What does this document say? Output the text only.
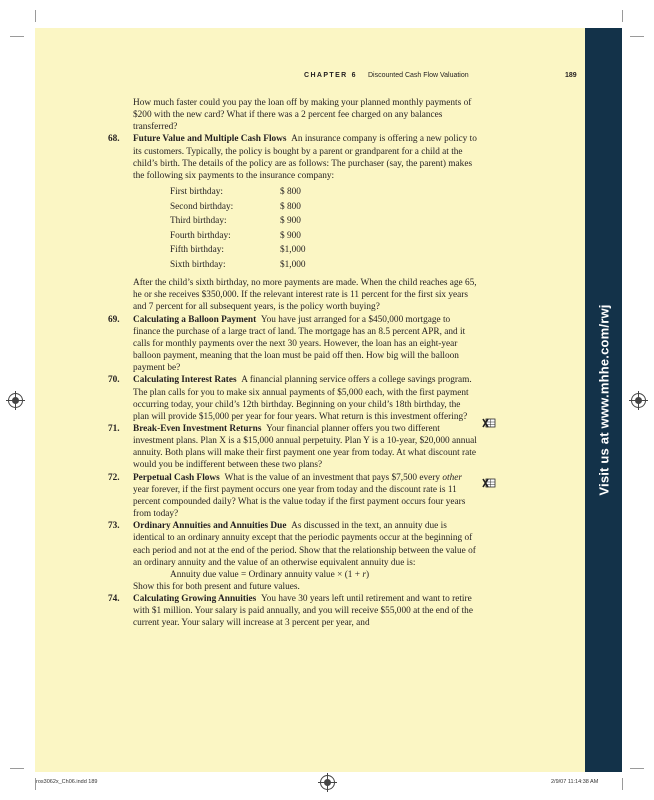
Visit us at www.mhhe.com/rwj
CHAPTER 6 Discounted Cash Flow Valuation	189

How much faster could you pay the loan off by making your planned monthly payments of $200 with the new card? What if there was a 2 percent fee charged on any balances transferred?

68. Future Value and Multiple Cash Flows An insurance company is offering a new policy to its customers. Typically, the policy is bought by a parent or grandparent for a child at the child’s birth. The details of the policy are as follows: The purchaser (say, the parent) makes the following six payments to the insurance company:

First birthday:	$ 800
Second birthday:	$ 800
Third birthday:	$ 900
Fourth birthday:	$ 900
Fifth birthday:	$1,000
Sixth birthday:	$1,000

After the child’s sixth birthday, no more payments are made. When the child reaches age 65, he or she receives $350,000. If the relevant interest rate is 11 percent for the first six years and 7 percent for all subsequent years, is the policy worth buying?

69. Calculating a Balloon Payment You have just arranged for a $450,000 mortgage to finance the purchase of a large tract of land. The mortgage has an 8.5 percent APR, and it calls for monthly payments over the next 30 years. However, the loan has an eight-year balloon payment, meaning that the loan must be paid off then. How big will the balloon payment be?

70. Calculating Interest Rates A financial planning service offers a college savings program. The plan calls for you to make six annual payments of $5,000 each, with the first payment occurring today, your child’s 12th birthday. Beginning on your child’s 18th birthday, the plan will provide $15,000 per year for four years. What return is this investment offering?

71. Break-Even Investment Returns Your financial planner offers you two different investment plans. Plan X is a $15,000 annual perpetuity. Plan Y is a 10-year, $20,000 annual annuity. Both plans will make their first payment one year from today. At what discount rate would you be indifferent between these two plans?

72. Perpetual Cash Flows What is the value of an investment that pays $7,500 every other year forever, if the first payment occurs one year from today and the discount rate is 11 percent compounded daily? What is the value today if the first payment occurs four years from today?

73. Ordinary Annuities and Annuities Due As discussed in the text, an annuity due is identical to an ordinary annuity except that the periodic payments occur at the beginning of each period and not at the end of the period. Show that the relationship between the value of an ordinary annuity and the value of an otherwise equivalent annuity due is:

Annuity due value = Ordinary annuity value × (1 + r)

Show this for both present and future values.

74. Calculating Growing Annuities You have 30 years left until retirement and want to retire with $1 million. Your salary is paid annually, and you will receive $55,000 at the end of the current year. Your salary will increase at 3 percent per year, and

ros3062x_Ch06.indd 189	2/9/07 11:14:38 AM
